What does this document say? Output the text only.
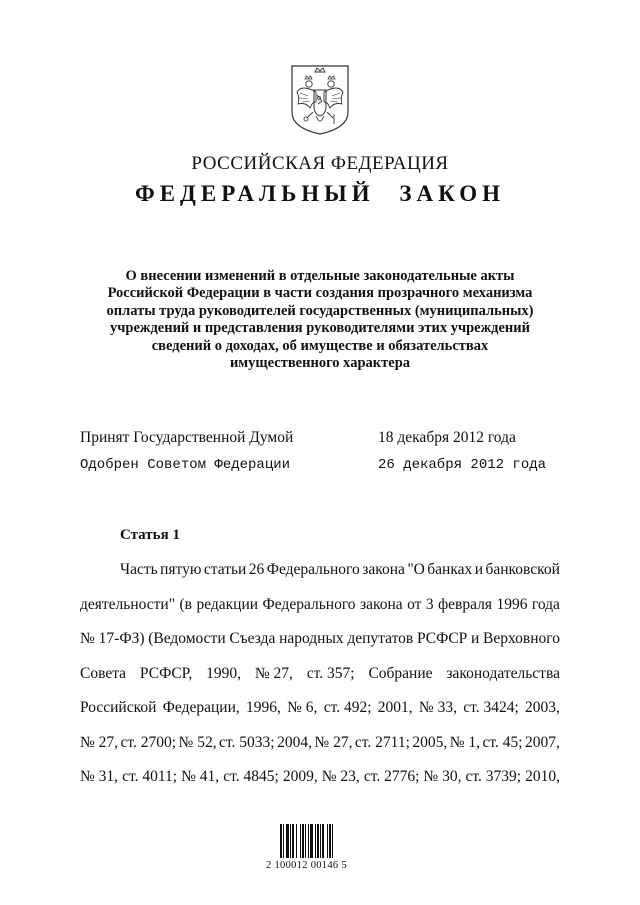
РОССИЙСКАЯ ФЕДЕРАЦИЯ
ФЕДЕРАЛЬНЫЙ ЗАКОН
О внесении изменений в отдельные законодательные акты
Российской Федерации в части создания прозрачного механизма
оплаты труда руководителей государственных (муниципальных)
учреждений и представления руководителями этих учреждений
сведений о доходах, об имуществе и обязательствах
имущественного характера
Принят Государственной Думой	18 декабря 2012 года
Одобрен Советом Федерации	26 декабря 2012 года
Статья 1
Часть пятую статьи 26 Федерального закона "О банках и банковской
деятельности" (в редакции Федерального закона от 3 февраля 1996 года
№ 17-ФЗ) (Ведомости Съезда народных депутатов РСФСР и Верховного
Совета РСФСР, 1990, № 27, ст. 357; Собрание законодательства
Российской Федерации, 1996, № 6, ст. 492; 2001, № 33, ст. 3424; 2003,
№ 27, ст. 2700; № 52, ст. 5033; 2004, № 27, ст. 2711; 2005, № 1, ст. 45; 2007,
№ 31, ст. 4011; № 41, ст. 4845; 2009, № 23, ст. 2776; № 30, ст. 3739; 2010,
2 100012 00146 5
